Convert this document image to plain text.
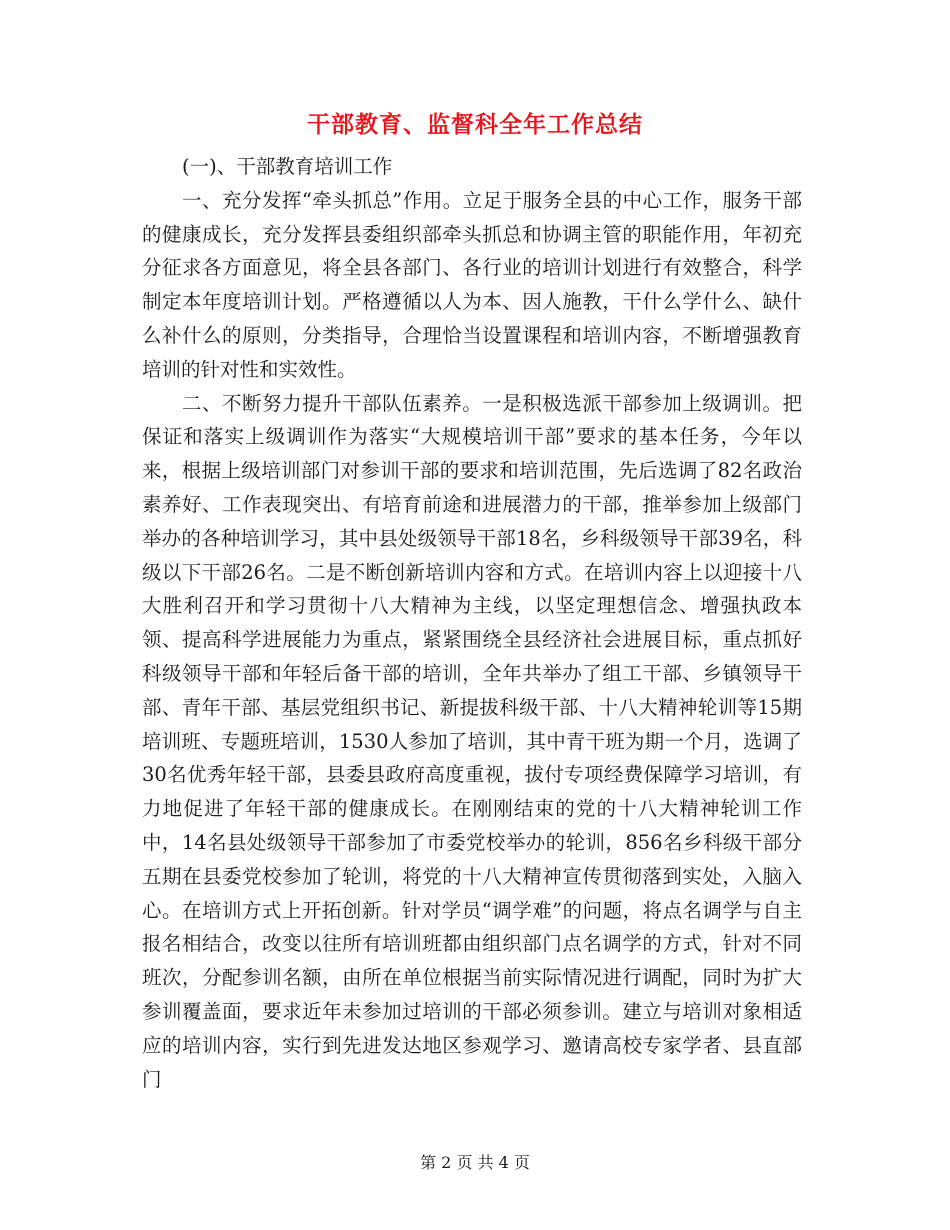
干部教育、监督科全年工作总结

(一)、干部教育培训工作

一、充分发挥“牵头抓总”作用。立足于服务全县的中心工作，服务干部的健康成长，充分发挥县委组织部牵头抓总和协调主管的职能作用，年初充分征求各方面意见，将全县各部门、各行业的培训计划进行有效整合，科学制定本年度培训计划。严格遵循以人为本、因人施教，干什么学什么、缺什么补什么的原则，分类指导，合理恰当设置课程和培训内容，不断增强教育培训的针对性和实效性。

二、不断努力提升干部队伍素养。一是积极选派干部参加上级调训。把保证和落实上级调训作为落实“大规模培训干部”要求的基本任务，今年以来，根据上级培训部门对参训干部的要求和培训范围，先后选调了82名政治素养好、工作表现突出、有培育前途和进展潜力的干部，推举参加上级部门举办的各种培训学习，其中县处级领导干部18名，乡科级领导干部39名，科级以下干部26名。二是不断创新培训内容和方式。在培训内容上以迎接十八大胜利召开和学习贯彻十八大精神为主线，以坚定理想信念、增强执政本领、提高科学进展能力为重点，紧紧围绕全县经济社会进展目标，重点抓好科级领导干部和年轻后备干部的培训，全年共举办了组工干部、乡镇领导干部、青年干部、基层党组织书记、新提拔科级干部、十八大精神轮训等15期培训班、专题班培训，1530人参加了培训，其中青干班为期一个月，选调了30名优秀年轻干部，县委县政府高度重视，拔付专项经费保障学习培训，有力地促进了年轻干部的健康成长。在刚刚结束的党的十八大精神轮训工作中，14名县处级领导干部参加了市委党校举办的轮训，856名乡科级干部分五期在县委党校参加了轮训，将党的十八大精神宣传贯彻落到实处，入脑入心。在培训方式上开拓创新。针对学员“调学难”的问题，将点名调学与自主报名相结合，改变以往所有培训班都由组织部门点名调学的方式，针对不同班次，分配参训名额，由所在单位根据当前实际情况进行调配，同时为扩大参训覆盖面，要求近年未参加过培训的干部必须参训。建立与培训对象相适应的培训内容，实行到先进发达地区参观学习、邀请高校专家学者、县直部门

第 2 页 共 4 页
